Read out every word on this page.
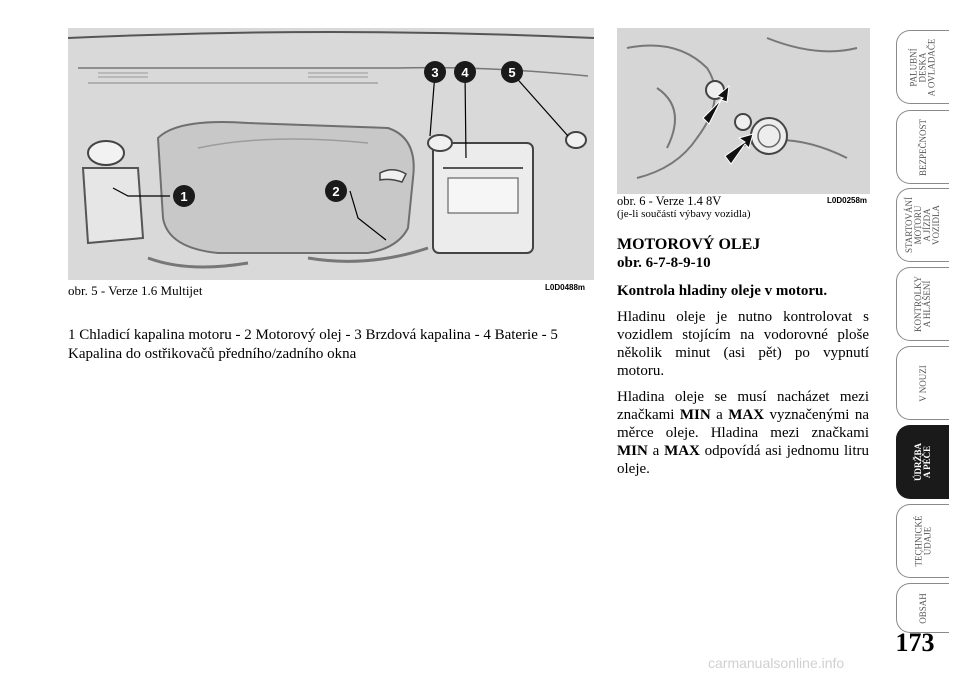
1	2
3 4	5
obr. 5 - Verze 1.6 Multijet	L0D0488m
1 Chladicí kapalina motoru - 2 Motorový olej - 3 Brzdová kapalina - 4 Baterie - 5 Kapalina do ostřikovačů předního/zadního okna
obr. 6 - Verze 1.4 8V
(je-li součástí výbavy vozidla)
L0D0258m
MOTOROVÝ OLEJ
obr. 6-7-8-9-10
Kontrola hladiny oleje v motoru.

Hladinu oleje je nutno kontrolovat s vozidlem stojícím na vodorovné ploše několik minut (asi pět) po vypnutí motoru.

Hladina oleje se musí nacházet mezi značkami MIN a MAX vyznačenými na měrce oleje. Hladina mezi značkami MIN a MAX odpovídá asi jednomu litru oleje.

PALUBNÍ
DESKA
A OVLADAČE
BEZPEČNOST
STARTOVÁNÍ
MOTORU
A JÍZDA
VOZIDLA
KONTROLKY
A HLÁŠENÍ
V NOUZI
ÚDRŽBA
A PÉČE
TECHNICKÉ
ÚDAJE
OBSAH
173
carmanualsonline.info
